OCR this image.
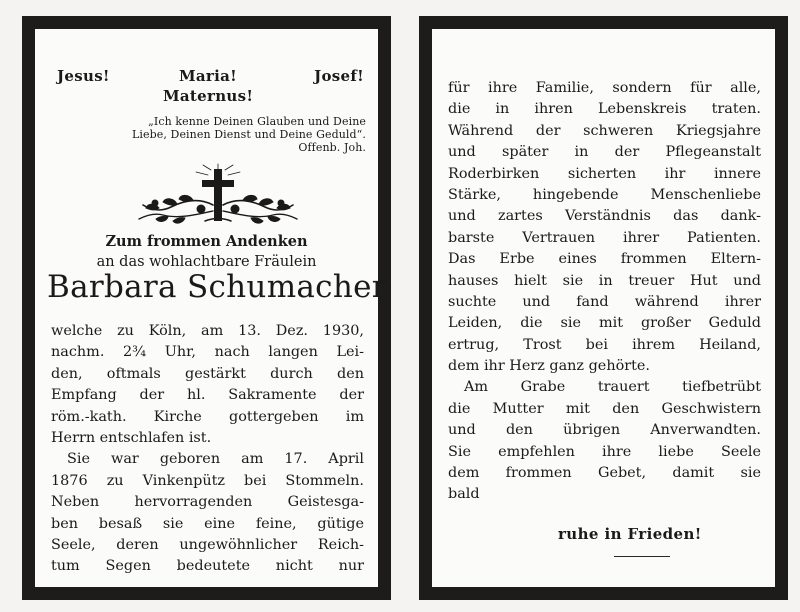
Jesus!	Maria!	Josef!
Maternus!
„Ich kenne Deinen Glauben und Deine
Liebe, Deinen Dienst und Deine Geduld“.
Offenb. Joh.
Zum frommen Andenken
an das wohlachtbare Fräulein
Barbara Schumacher
welche zu Köln, am 13. Dez. 1930,
nachm. 2¾ Uhr, nach langen Lei-
den, oftmals gestärkt durch den
Empfang der hl. Sakramente der
röm.-kath. Kirche gottergeben im
Herrn entschlafen ist.
Sie war geboren am 17. April
1876 zu Vinkenpütz bei Stommeln.
Neben hervorragenden Geistesga-
ben besaß sie eine feine, gütige
Seele, deren ungewöhnlicher Reich-
tum Segen bedeutete nicht nur
für ihre Familie, sondern für alle,
die in ihren Lebenskreis traten.
Während der schweren Kriegsjahre
und später in der Pflegeanstalt
Roderbirken sicherten ihr innere
Stärke, hingebende Menschenliebe
und zartes Verständnis das dank-
barste Vertrauen ihrer Patienten.
Das Erbe eines frommen Eltern-
hauses hielt sie in treuer Hut und
suchte und fand während ihrer
Leiden, die sie mit großer Geduld
ertrug, Trost bei ihrem Heiland,
dem ihr Herz ganz gehörte.
Am Grabe trauert tiefbetrübt
die Mutter mit den Geschwistern
und den übrigen Anverwandten.
Sie empfehlen ihre liebe Seele
dem frommen Gebet, damit sie
bald
ruhe in Frieden!
